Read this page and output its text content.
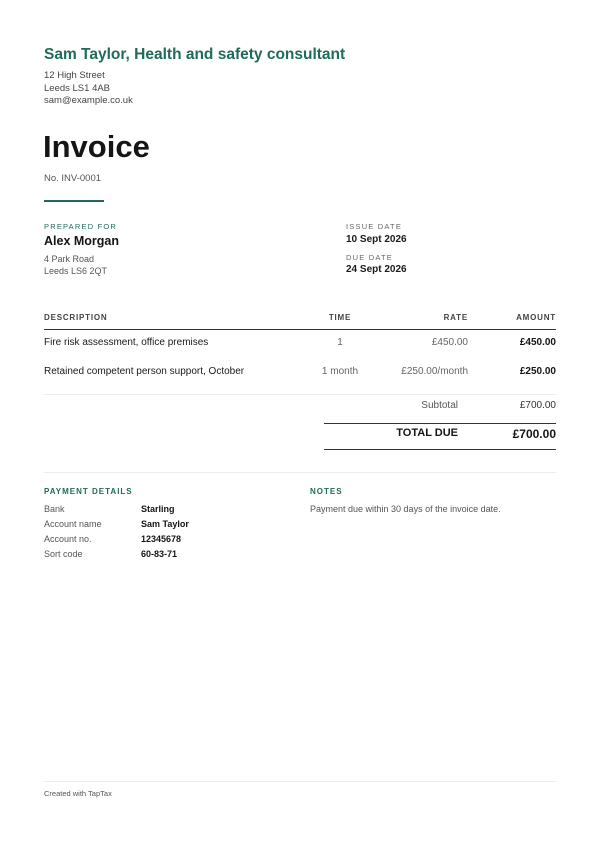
Sam Taylor, Health and safety consultant
12 High Street
Leeds LS1 4AB
sam@example.co.uk
Invoice
No. INV-0001
PREPARED FOR
Alex Morgan
4 Park Road
Leeds LS6 2QT
ISSUE DATE
10 Sept 2026
DUE DATE
24 Sept 2026
DESCRIPTION	TIME	RATE	AMOUNT
Fire risk assessment, office premises	1	£450.00	£450.00
Retained competent person support, October	1 month	£250.00/month	£250.00
Subtotal	£700.00
TOTAL DUE	£700.00
PAYMENT DETAILS
Bank	Starling
Account name	Sam Taylor
Account no.	12345678
Sort code	60-83-71
NOTES
Payment due within 30 days of the invoice date.
Created with TapTax
